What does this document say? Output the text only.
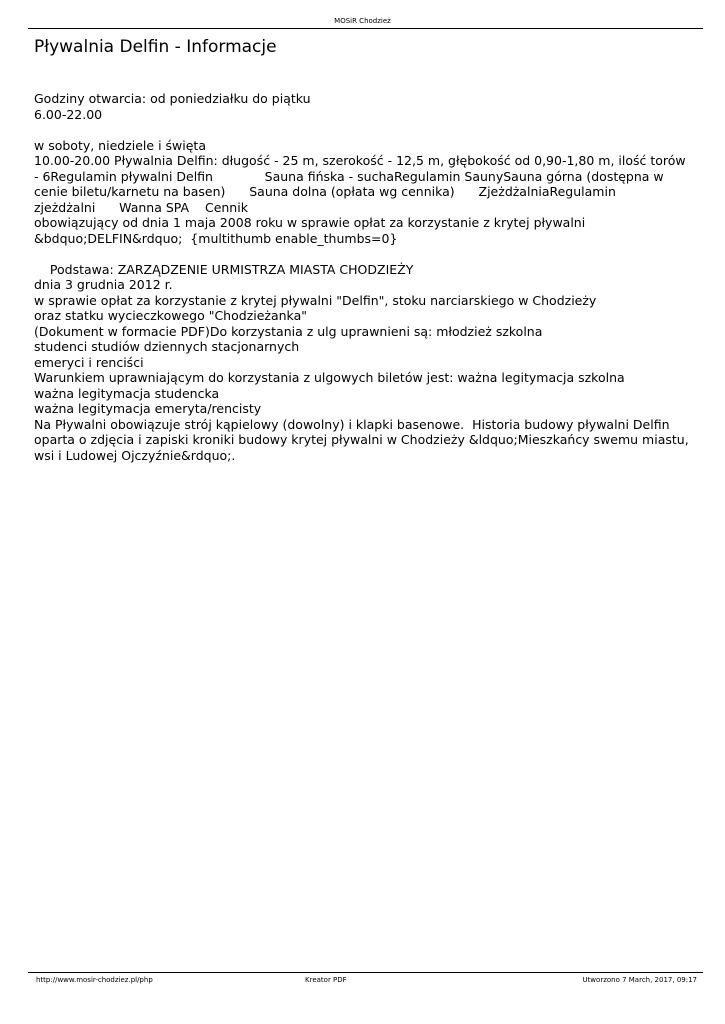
MOSiR Chodzież
Pływalnia Delfin - Informacje
Godziny otwarcia: od poniedziałku do piątku
6.00-22.00
w soboty, niedziele i święta
10.00-20.00 Pływalnia Delfin: długość - 25 m, szerokość - 12,5 m, głębokość od 0,90-1,80 m, ilość torów
- 6Regulamin pływalni Delfin             Sauna fińska - suchaRegulamin SaunySauna górna (dostępna w
cenie biletu/karnetu na basen)      Sauna dolna (opłata wg cennika)      ZjeżdżalniaRegulamin
zjeżdżalni      Wanna SPA    Cennik
obowiązujący od dnia 1 maja 2008 roku w sprawie opłat za korzystanie z krytej pływalni
&bdquo;DELFIN&rdquo;  {multithumb enable_thumbs=0}
Podstawa: ZARZĄDZENIE URMISTRZA MIASTA CHODZIEŻY
dnia 3 grudnia 2012 r.
w sprawie opłat za korzystanie z krytej pływalni "Delfin", stoku narciarskiego w Chodzieży
oraz statku wycieczkowego "Chodzieżanka"
(Dokument w formacie PDF)Do korzystania z ulg uprawnieni są: młodzież szkolna
studenci studiów dziennych stacjonarnych
emeryci i renciści
Warunkiem uprawniającym do korzystania z ulgowych biletów jest: ważna legitymacja szkolna
ważna legitymacja studencka
ważna legitymacja emeryta/rencisty
Na Pływalni obowiązuje strój kąpielowy (dowolny) i klapki basenowe.  Historia budowy pływalni Delfin
oparta o zdjęcia i zapiski kroniki budowy krytej pływalni w Chodzieży &ldquo;Mieszkańcy swemu miastu,
wsi i Ludowej Ojczyźnie&rdquo;.
http://www.mosir-chodziez.pl/php	Kreator PDF	Utworzono 7 March, 2017, 09:17
